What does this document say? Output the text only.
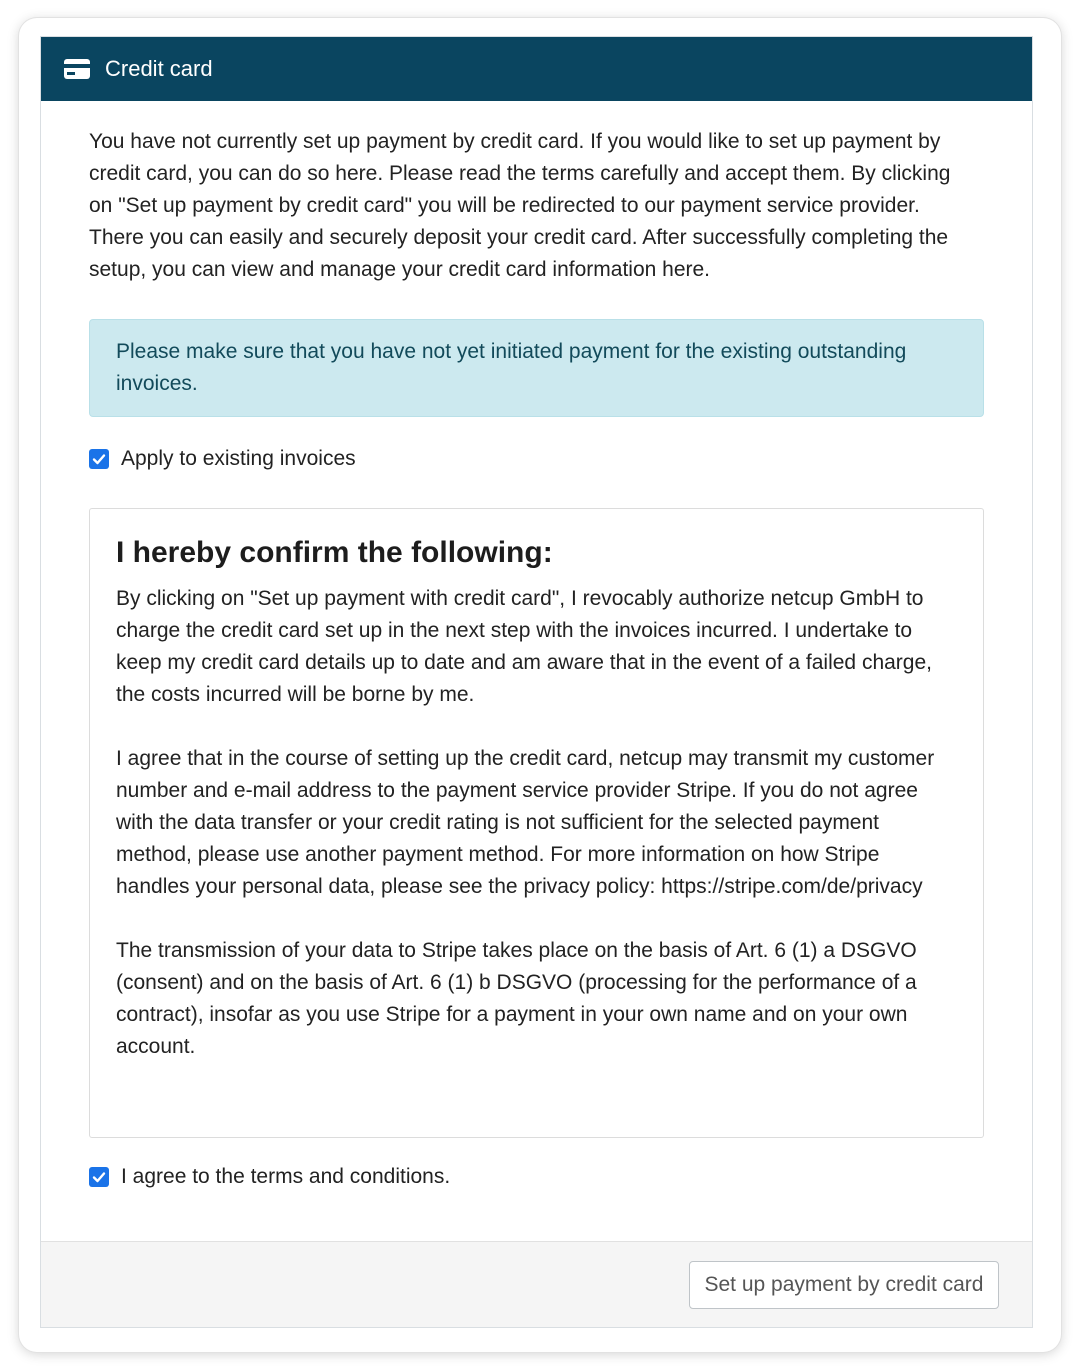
Credit card

You have not currently set up payment by credit card. If you would like to set up payment by credit card, you can do so here. Please read the terms carefully and accept them. By clicking on "Set up payment by credit card" you will be redirected to our payment service provider. There you can easily and securely deposit your credit card. After successfully completing the setup, you can view and manage your credit card information here.

Please make sure that you have not yet initiated payment for the existing outstanding invoices.
Apply to existing invoices
I hereby confirm the following:

By clicking on "Set up payment with credit card", I revocably authorize netcup GmbH to charge the credit card set up in the next step with the invoices incurred. I undertake to keep my credit card details up to date and am aware that in the event of a failed charge, the costs incurred will be borne by me.

I agree that in the course of setting up the credit card, netcup may transmit my customer number and e-mail address to the payment service provider Stripe. If you do not agree with the data transfer or your credit rating is not sufficient for the selected payment method, please use another payment method. For more information on how Stripe handles your personal data, please see the privacy policy: https://stripe.com/de/privacy

The transmission of your data to Stripe takes place on the basis of Art. 6 (1) a DSGVO (consent) and on the basis of Art. 6 (1) b DSGVO (processing for the performance of a contract), insofar as you use Stripe for a payment in your own name and on your own account.

I agree to the terms and conditions.
Set up payment by credit card
